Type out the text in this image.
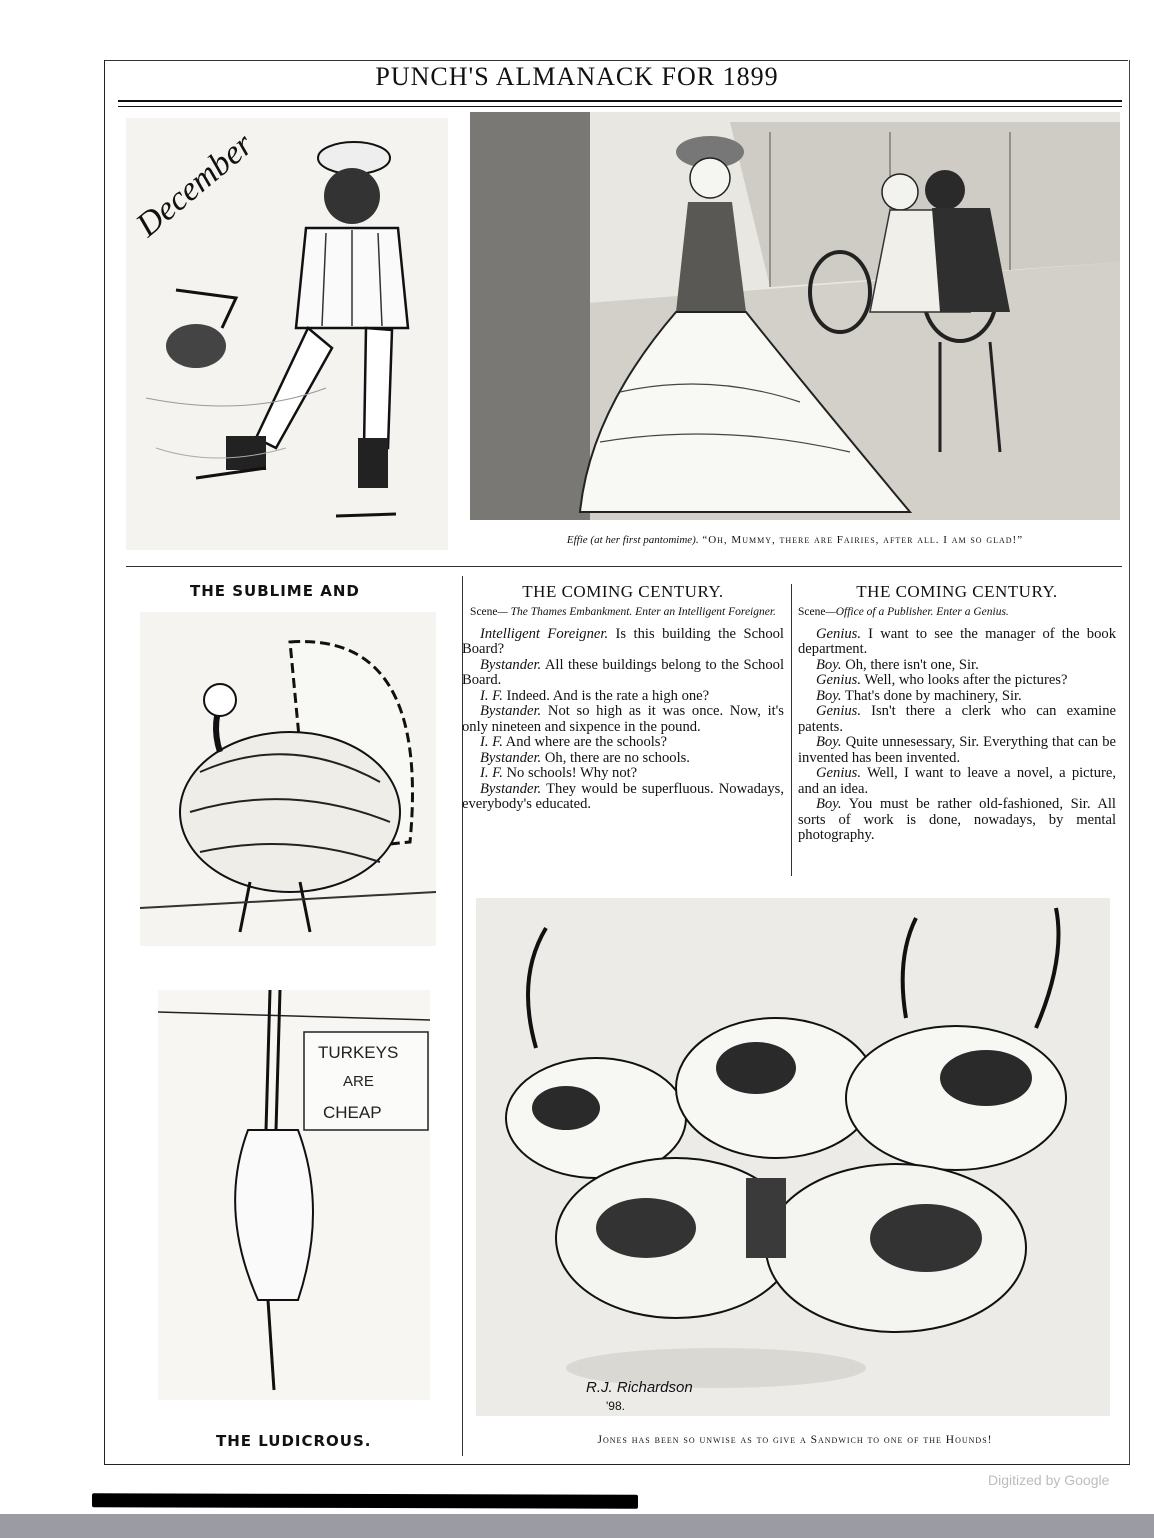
PUNCH'S ALMANACK FOR 1899
December
Effie (at her first pantomime). “Oh, Mummy, there are Fairies, after all. I am so glad!”
THE SUBLIME AND
TURKEYS
ARE
CHEAP
THE LUDICROUS.
THE COMING CENTURY.
Scene— The Thames Embankment. Enter an Intelligent Foreigner.

Intelligent Foreigner. Is this building the School Board?

Bystander. All these buildings belong to the School Board.

I. F. Indeed. And is the rate a high one?

Bystander. Not so high as it was once. Now, it's only nineteen and sixpence in the pound.

I. F. And where are the schools?

Bystander. Oh, there are no schools.

I. F. No schools! Why not?

Bystander. They would be superfluous. Nowadays, everybody's educated.

THE COMING CENTURY.
Scene—Office of a Publisher. Enter a Genius.

Genius. I want to see the manager of the book department.

Boy. Oh, there isn't one, Sir.

Genius. Well, who looks after the pictures?

Boy. That's done by machinery, Sir.

Genius. Isn't there a clerk who can examine patents.

Boy. Quite unnesessary, Sir. Everything that can be invented has been invented.

Genius. Well, I want to leave a novel, a picture, and an idea.

Boy. You must be rather old-fashioned, Sir. All sorts of work is done, nowadays, by mental photography.

R.J. Richardson
'98.
Jones has been so unwise as to give a Sandwich to one of the Hounds!
Digitized by Google
